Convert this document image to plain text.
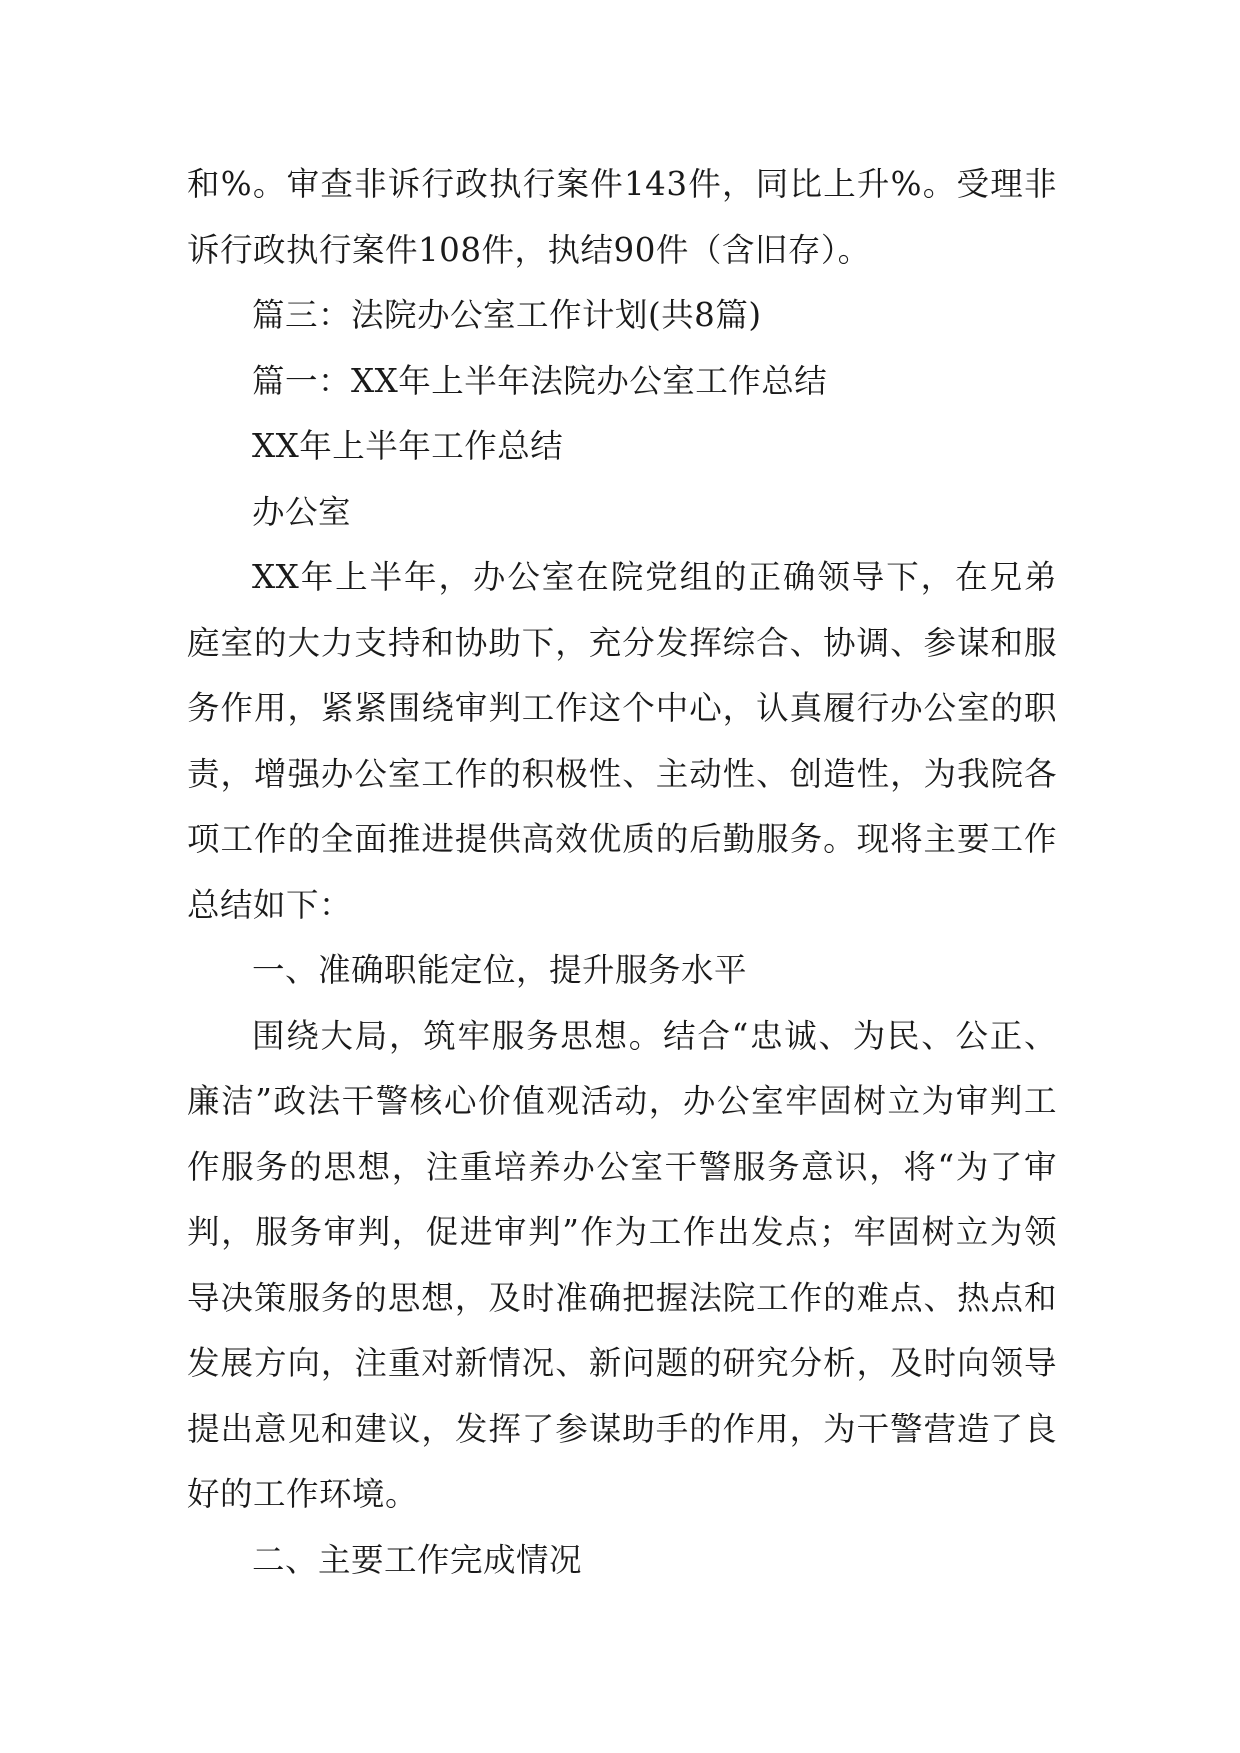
和%。审查非诉行政执行案件143件，同比上升%。受理非诉行政执行案件108件，执结90件（含旧存）。

篇三：法院办公室工作计划(共8篇)

篇一：XX年上半年法院办公室工作总结

XX年上半年工作总结

办公室

XX年上半年，办公室在院党组的正确领导下，在兄弟庭室的大力支持和协助下，充分发挥综合、协调、参谋和服务作用，紧紧围绕审判工作这个中心，认真履行办公室的职责，增强办公室工作的积极性、主动性、创造性，为我院各项工作的全面推进提供高效优质的后勤服务。现将主要工作总结如下：

一、准确职能定位，提升服务水平

围绕大局，筑牢服务思想。结合“忠诚、为民、公正、廉洁”政法干警核心价值观活动，办公室牢固树立为审判工作服务的思想，注重培养办公室干警服务意识，将“为了审判，服务审判，促进审判”作为工作出发点；牢固树立为领导决策服务的思想，及时准确把握法院工作的难点、热点和发展方向，注重对新情况、新问题的研究分析，及时向领导提出意见和建议，发挥了参谋助手的作用，为干警营造了良好的工作环境。

二、主要工作完成情况
